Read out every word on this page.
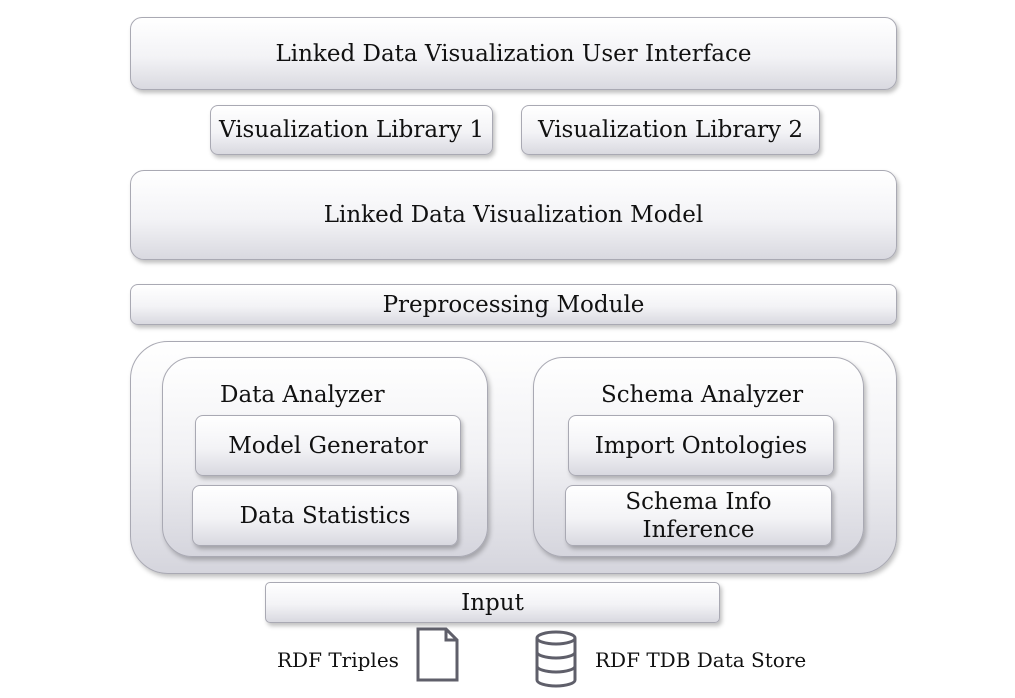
Linked Data Visualization User Interface
Visualization Library 1 Visualization Library 2
Linked Data Visualization Model
Preprocessing Module
Data Analyzer
Model Generator
Data Statistics
Schema Analyzer
Import Ontologies
Schema Info Inference
Input
RDF Triples	RDF TDB Data Store
